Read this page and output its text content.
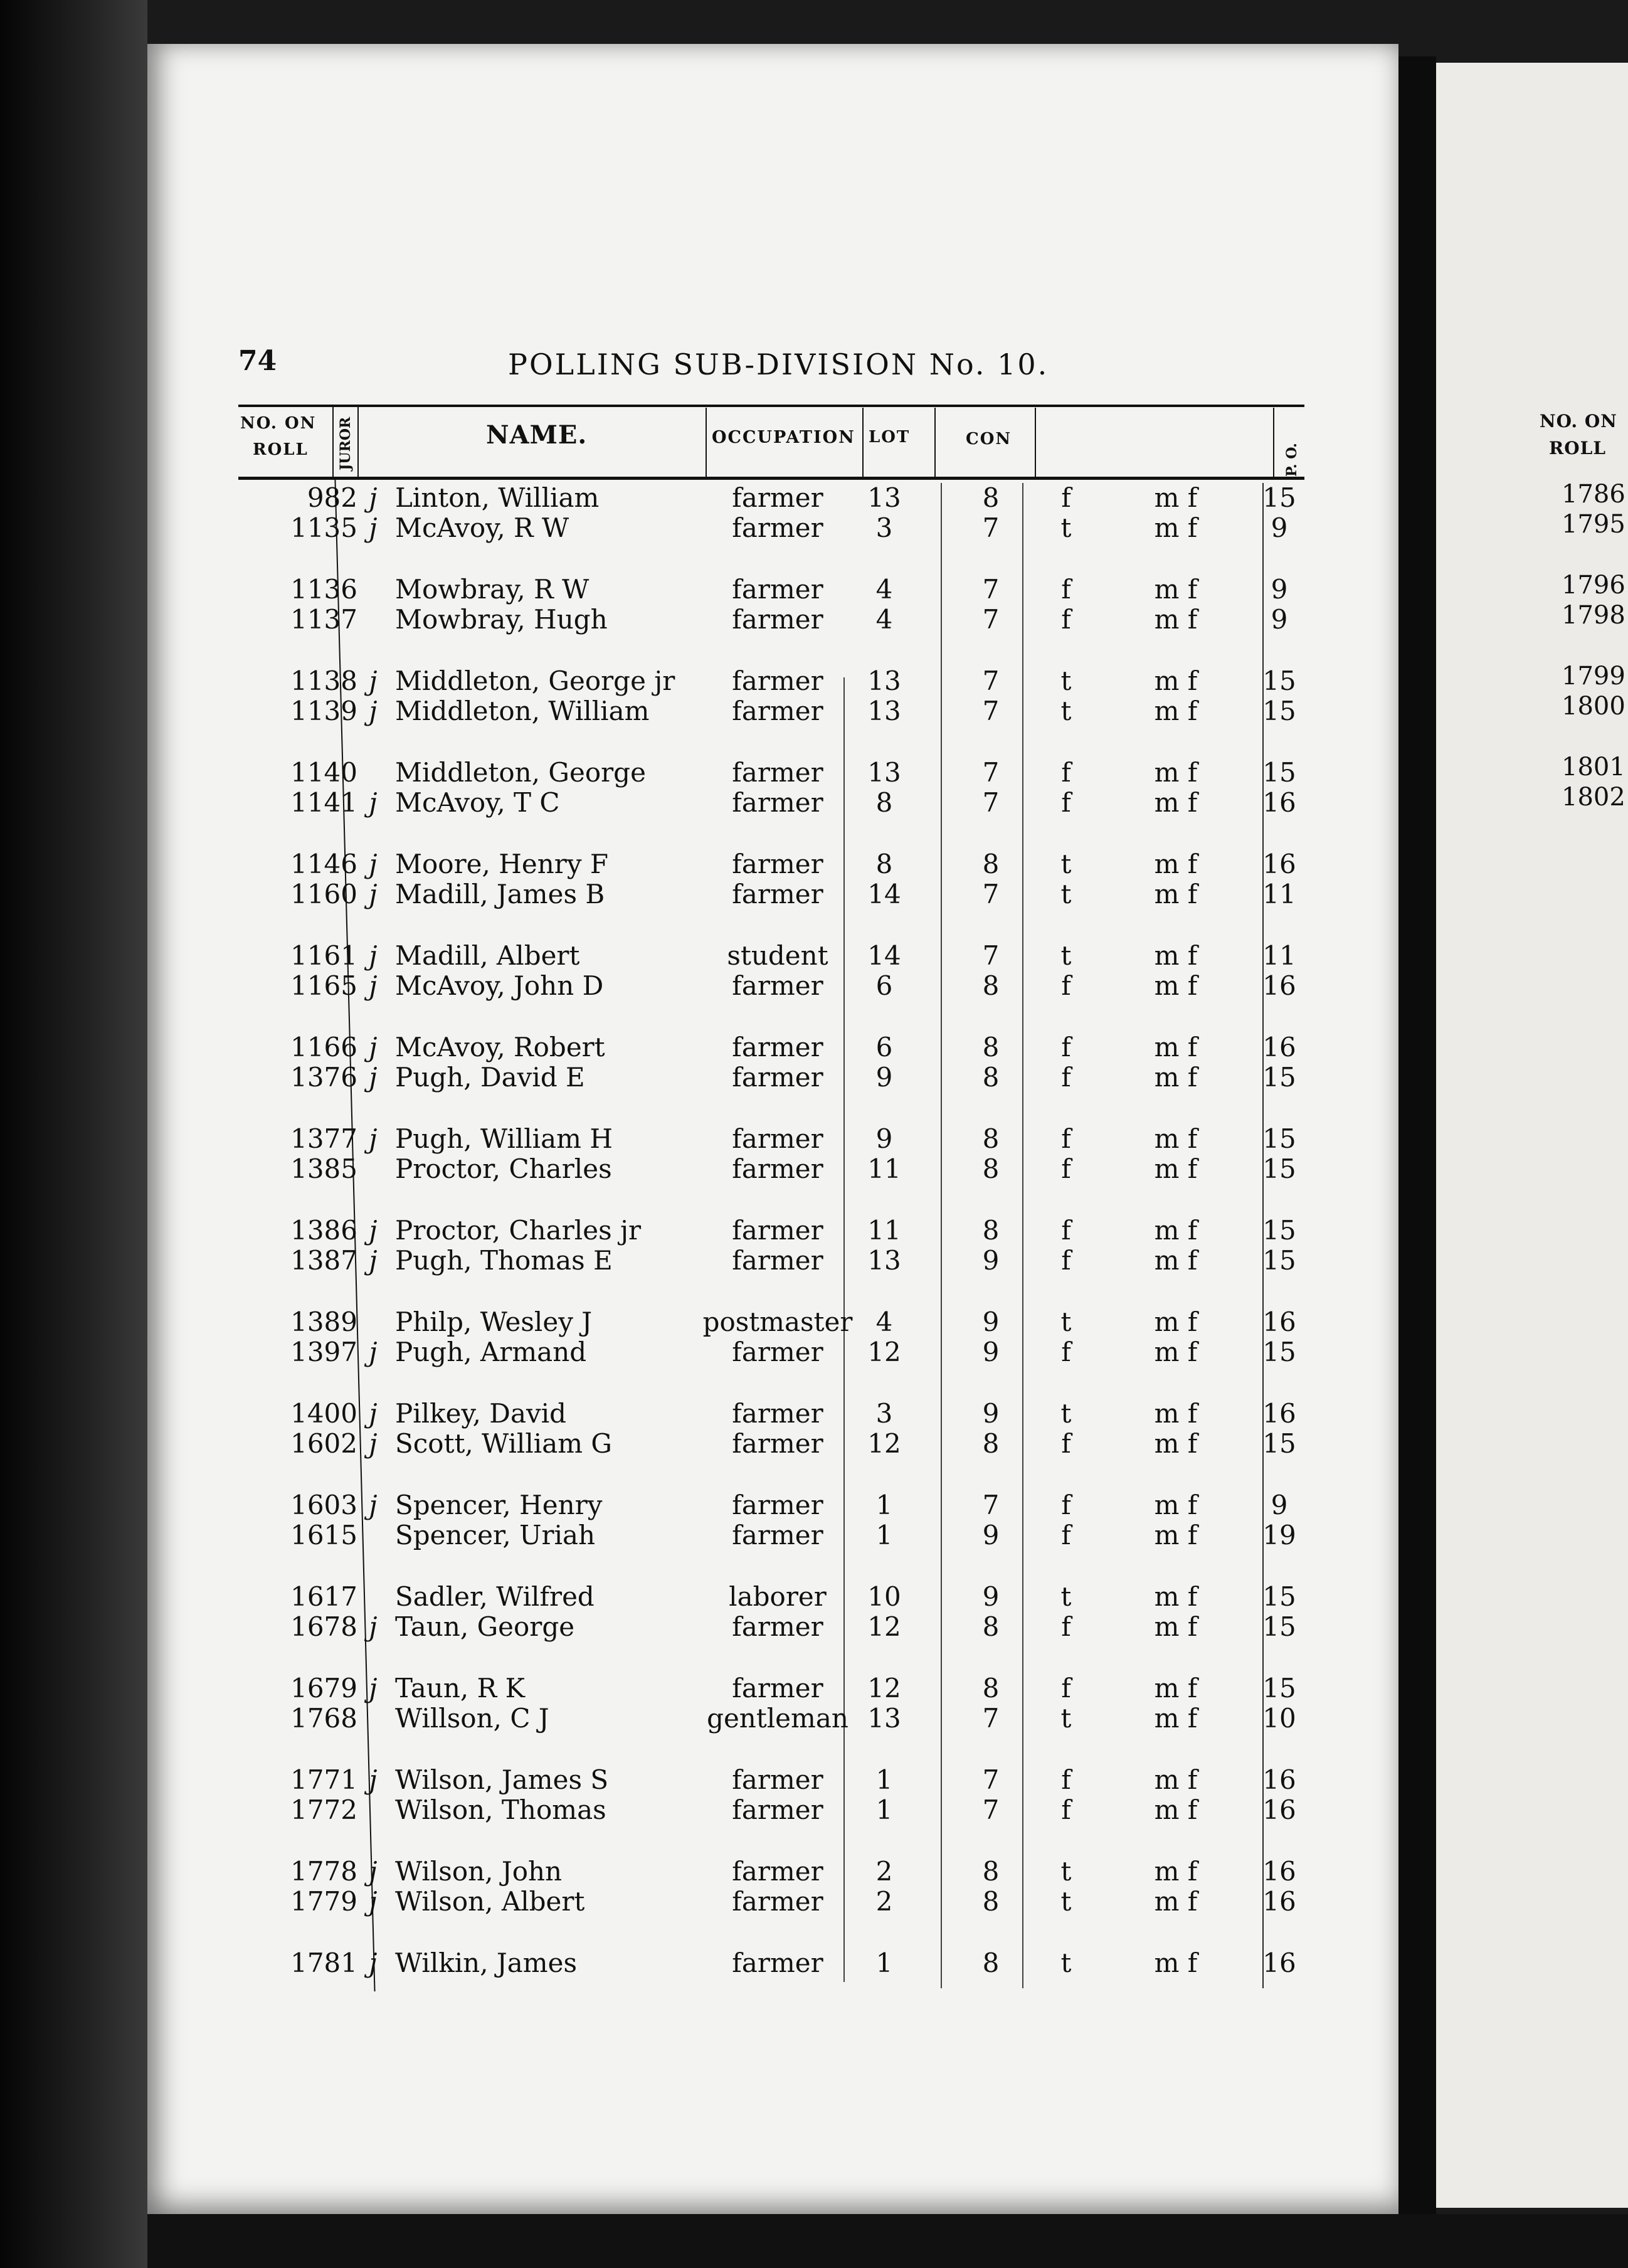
74	POLLING SUB-DIVISION No. 10.
NO. ON
ROLL JUROR	NAME.	OCCUPATION LOT	CON
P. O.
982 j Linton, William	farmer	13	8	f	m f	15
1135 j McAvoy, R W	farmer	3	7	t	m f	9
1136 Mowbray, R W	farmer	4	7	f	m f	9
1137 Mowbray, Hugh	farmer	4	7	f	m f	9
1138 j Middleton, George jr	farmer	13	7	t	m f	15
1139 j Middleton, William	farmer	13	7	t	m f	15
1140 Middleton, George	farmer	13	7	f	m f	15
1141 j McAvoy, T C	farmer	8	7	f	m f	16
1146 j Moore, Henry F	farmer	8	8	t	m f	16
1160 j Madill, James B	farmer	14	7	t	m f	11
1161 j Madill, Albert	student	14	7	t	m f	11
1165 j McAvoy, John D	farmer	6	8	f	m f	16
1166 j McAvoy, Robert	farmer	6	8	f	m f	16
1376 j Pugh, David E	farmer	9	8	f	m f	15
1377 j Pugh, William H	farmer	9	8	f	m f	15
1385 Proctor, Charles	farmer	11	8	f	m f	15
1386 j Proctor, Charles jr	farmer	11	8	f	m f	15
1387 j Pugh, Thomas E	farmer	13	9	f	m f	15
1389 Philp, Wesley J	postmaster 4	9	t	m f	16
1397 j Pugh, Armand	farmer	12	9	f	m f	15
1400 j Pilkey, David	farmer	3	9	t	m f	16
1602 j Scott, William G	farmer	12	8	f	m f	15
1603 j Spencer, Henry	farmer	1	7	f	m f	9
1615 Spencer, Uriah	farmer	1	9	f	m f	19
1617 Sadler, Wilfred	laborer	10	9	t	m f	15
1678 j Taun, George	farmer	12	8	f	m f	15
1679 j Taun, R K	farmer	12	8	f	m f	15
1768 Willson, C J	gentleman 13	7	t	m f	10
1771 j Wilson, James S	farmer	1	7	f	m f	16
1772 Wilson, Thomas	farmer	1	7	f	m f	16
1778 j Wilson, John	farmer	2	8	t	m f	16
1779 j Wilson, Albert	farmer	2	8	t	m f	16
1781 j Wilkin, James	farmer	1	8	t	m f	16
NO. ON
ROLL
1786
1795
1796
1798
1799
1800
1801
1802
